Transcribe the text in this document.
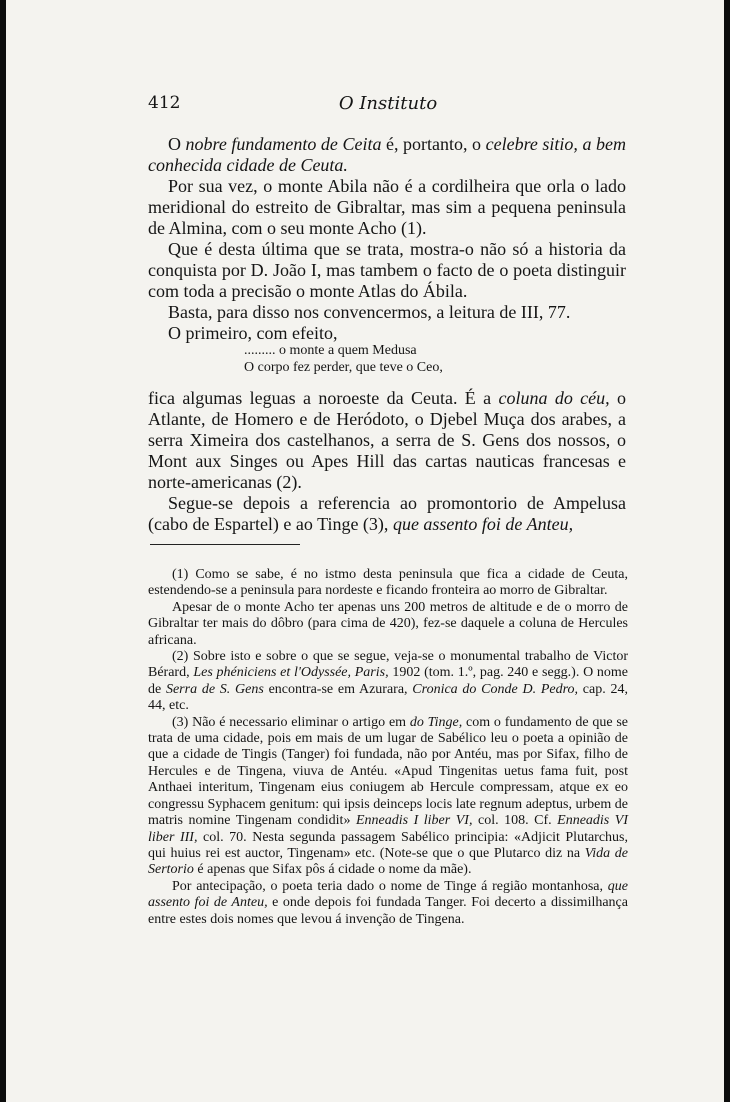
412	O Instituto

O nobre fundamento de Ceita é, portanto, o celebre sitio, a bem conhecida cidade de Ceuta.

Por sua vez, o monte Abila não é a cordilheira que orla o lado meridional do estreito de Gibraltar, mas sim a pequena peninsula de Almina, com o seu monte Acho (1).

Que é desta última que se trata, mostra-o não só a historia da conquista por D. João I, mas tambem o facto de o poeta distinguir com toda a precisão o monte Atlas do Ábila.

Basta, para disso nos convencermos, a leitura de III, 77.

O primeiro, com efeito,

......... o monte a quem Medusa
O corpo fez perder, que teve o Ceo,

fica algumas leguas a noroeste da Ceuta. É a coluna do céu, o Atlante, de Homero e de Heródoto, o Djebel Muça dos arabes, a serra Ximeira dos castelhanos, a serra de S. Gens dos nossos, o Mont aux Singes ou Apes Hill das cartas nauticas francesas e norte-americanas (2).

Segue-se depois a referencia ao promontorio de Ampelusa (cabo de Espartel) e ao Tinge (3), que assento foi de Anteu,

(1) Como se sabe, é no istmo desta peninsula que fica a cidade de Ceuta, estendendo-se a peninsula para nordeste e ficando fronteira ao morro de Gibraltar.

Apesar de o monte Acho ter apenas uns 200 metros de altitude e de o morro de Gibraltar ter mais do dôbro (para cima de 420), fez-se daquele a coluna de Hercules africana.

(2) Sobre isto e sobre o que se segue, veja-se o monumental trabalho de Victor Bérard, Les phéniciens et l'Odyssée, Paris, 1902 (tom. 1.º, pag. 240 e segg.). O nome de Serra de S. Gens encontra-se em Azurara, Cronica do Conde D. Pedro, cap. 24, 44, etc.

(3) Não é necessario eliminar o artigo em do Tinge, com o fundamento de que se trata de uma cidade, pois em mais de um lugar de Sabélico leu o poeta a opinião de que a cidade de Tingis (Tanger) foi fundada, não por Antéu, mas por Sifax, filho de Hercules e de Tingena, viuva de Antéu. «Apud Tingenitas uetus fama fuit, post Anthaei interitum, Tingenam eius coniugem ab Hercule compressam, atque ex eo congressu Syphacem genitum: qui ipsis deinceps locis late regnum adeptus, urbem de matris nomine Tingenam condidit» Enneadis I liber VI, col. 108. Cf. Enneadis VI liber III, col. 70. Nesta segunda passagem Sabélico principia: «Adjicit Plutarchus, qui huius rei est auctor, Tingenam» etc. (Note-se que o que Plutarco diz na Vida de Sertorio é apenas que Sifax pôs á cidade o nome da mãe).

Por antecipação, o poeta teria dado o nome de Tinge á região montanhosa, que assento foi de Anteu, e onde depois foi fundada Tanger. Foi decerto a dissimilhança entre estes dois nomes que levou á invenção de Tingena.
